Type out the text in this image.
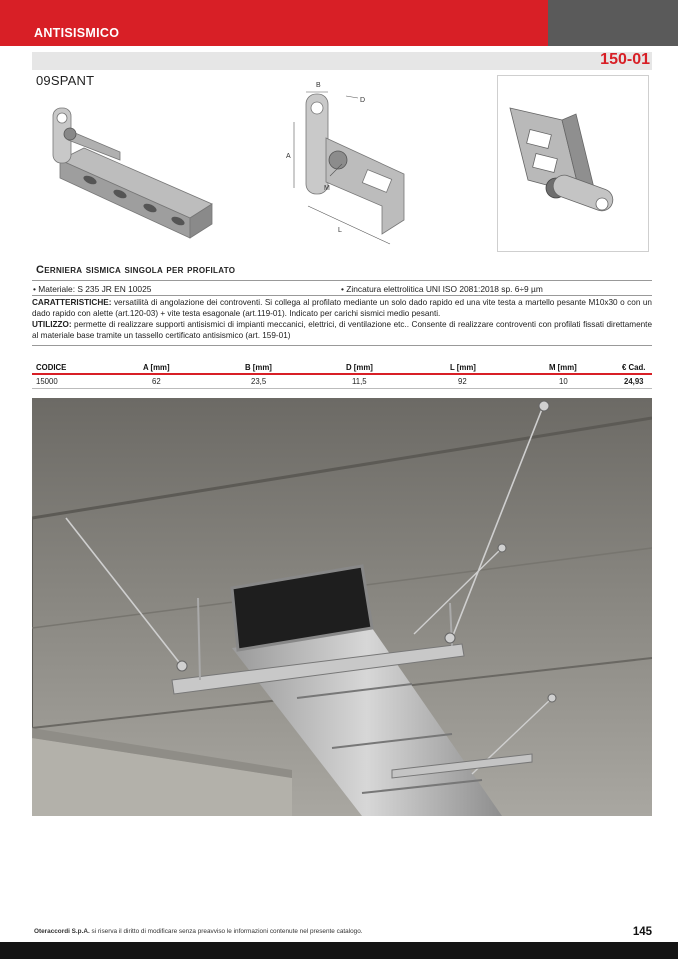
ANTISISMICO
150-01
09SPANT
A
B
D
M
L
Cerniera sismica singola per profilato
• Materiale: S 235 JR EN 10025	• Zincatura elettrolitica UNI ISO 2081:2018 sp. 6÷9 µm
CARATTERISTICHE: versatilità di angolazione dei controventi. Si collega al profilato mediante un solo dado rapido ed una vite testa a martello pesante M10x30 o con un dado rapido con alette (art.120-03) + vite testa esagonale (art.119-01). Indicato per carichi sismici medio pesanti.
UTILIZZO: permette di realizzare supporti antisismici di impianti meccanici, elettrici, di ventilazione etc.. Consente di realizzare controventi con profilati fissati direttamente al materiale base tramite un tassello certificato antisismico (art. 159-01)
CODICE	A [mm]	B [mm]	D [mm]	L [mm]	M [mm]	€ Cad.
15000	62	23,5	11,5	92	10	24,93
Oteraccordi S.p.A. si riserva il diritto di modificare senza preavviso le informazioni contenute nel presente catalogo.	145
